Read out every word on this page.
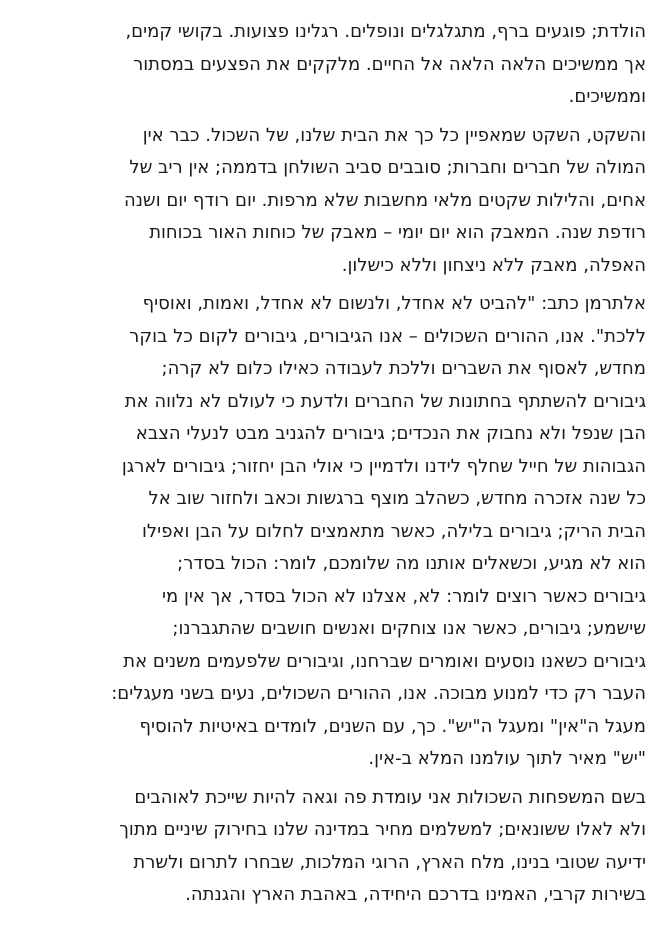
הולדת; פוגעים ברף, מתגלגלים ונופלים. רגלינו פצועות. בקושי קמים,
אך ממשיכים הלאה הלאה אל החיים. מלקקים את הפצעים במסתור
וממשיכים.

והשקט, השקט שמאפיין כל כך את הבית שלנו, של השכול. כבר אין
המולה של חברים וחברות; סובבים סביב השולחן בדממה; אין ריב של
אחים, והלילות שקטים מלאי מחשבות שלא מרפות. יום רודף יום ושנה
רודפת שנה. המאבק הוא יום יומי – מאבק של כוחות האור בכוחות
האפלה, מאבק ללא ניצחון וללא כישלון.

אלתרמן כתב: "להביט לא אחדל, ולנשום לא אחדל, ואמות, ואוסיף
ללכת". אנו, ההורים השכולים – אנו הגיבורים, גיבורים לקום כל בוקר
מחדש, לאסוף את השברים וללכת לעבודה כאילו כלום לא קרה;
גיבורים להשתתף בחתונות של החברים ולדעת כי לעולם לא נלווה את
הבן שנפל ולא נחבוק את הנכדים; גיבורים להגניב מבט לנעלי הצבא
הגבוהות של חייל שחלף לידנו ולדמיין כי אולי הבן יחזור; גיבורים לארגן
כל שנה אזכרה מחדש, כשהלב מוצף ברגשות וכאב ולחזור שוב אל
הבית הריק; גיבורים בלילה, כאשר מתאמצים לחלום על הבן ואפילו
הוא לא מגיע, וכשאלים אותנו מה שלומכם, לומר: הכול בסדר;
גיבורים כאשר רוצים לומר: לא, אצלנו לא הכול בסדר, אך אין מי
שישמע; גיבורים, כאשר אנו צוחקים ואנשים חושבים שהתגברנו;
גיבורים כשאנו נוסעים ואומרים שברחנו, וגיבורים שלפעמים משנים את
העבר רק כדי למנוע מבוכה. אנו, ההורים השכולים, נעים בשני מעגלים:
מעגל ה"אין" ומעגל ה"יש". כך, עם השנים, לומדים באיטיות להוסיף
"יש" מאיר לתוך עולמנו המלא ב-אין.

בשם המשפחות השכולות אני עומדת פה וגאה להיות שייכת לאוהבים
ולא לאלו ששונאים; למשלמים מחיר במדינה שלנו בחירוק שיניים מתוך
ידיעה שטובי בנינו, מלח הארץ, הרוגי המלכות, שבחרו לתרום ולשרת
בשירות קרבי, האמינו בדרכם היחידה, באהבת הארץ והגנתה.
